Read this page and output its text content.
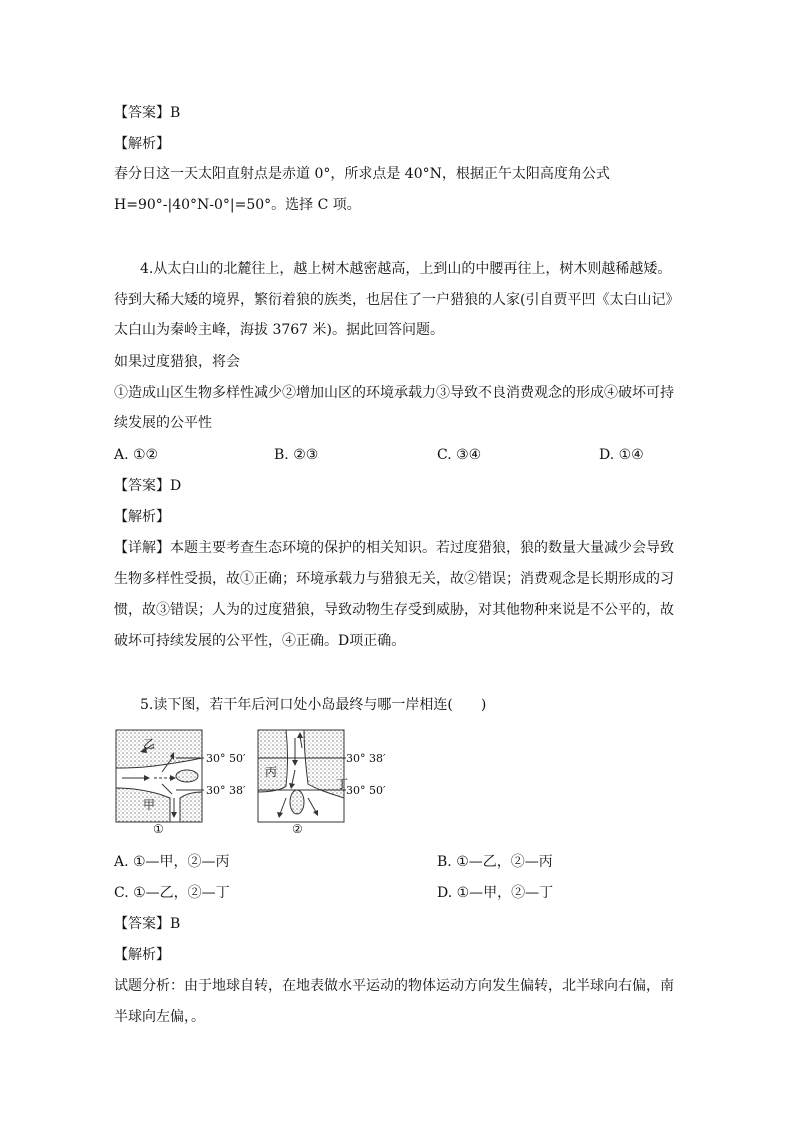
【答案】B
【解析】
春分日这一天太阳直射点是赤道 0°，所求点是 40°N，根据正午太阳高度角公式
H=90°-|40°N-0°|=50°。选择 C 项。
4.从太白山的北麓往上，越上树木越密越高，上到山的中腰再往上，树木则越稀越矮。
待到大稀大矮的境界，繁衍着狼的族类，也居住了一户猎狼的人家(引自贾平凹《太白山记》
太白山为秦岭主峰，海拔 3767 米)。据此回答问题。
如果过度猎狼，将会
①造成山区生物多样性减少②增加山区的环境承载力③导致不良消费观念的形成④破坏可持
续发展的公平性
A. ①②	B. ②③	C. ③④	D. ①④
【答案】D
【解析】
【详解】本题主要考查生态环境的保护的相关知识。若过度猎狼，狼的数量大量减少会导致
生物多样性受损，故①正确；环境承载力与猎狼无关，故②错误；消费观念是长期形成的习
惯，故③错误；人为的过度猎狼，导致动物生存受到威胁，对其他物种来说是不公平的，故
破坏可持续发展的公平性，④正确。D项正确。
5.读下图，若干年后河口处小岛最终与哪一岸相连(　　)
乙
甲
30° 50′
30° 38′
①
丙
丁
30° 38′
30° 50′
②
A. ①—甲，②—丙	B. ①—乙，②—丙
C. ①—乙，②—丁	D. ①—甲，②—丁
【答案】B
【解析】
试题分析：由于地球自转，在地表做水平运动的物体运动方向发生偏转，北半球向右偏，南
半球向左偏，。
